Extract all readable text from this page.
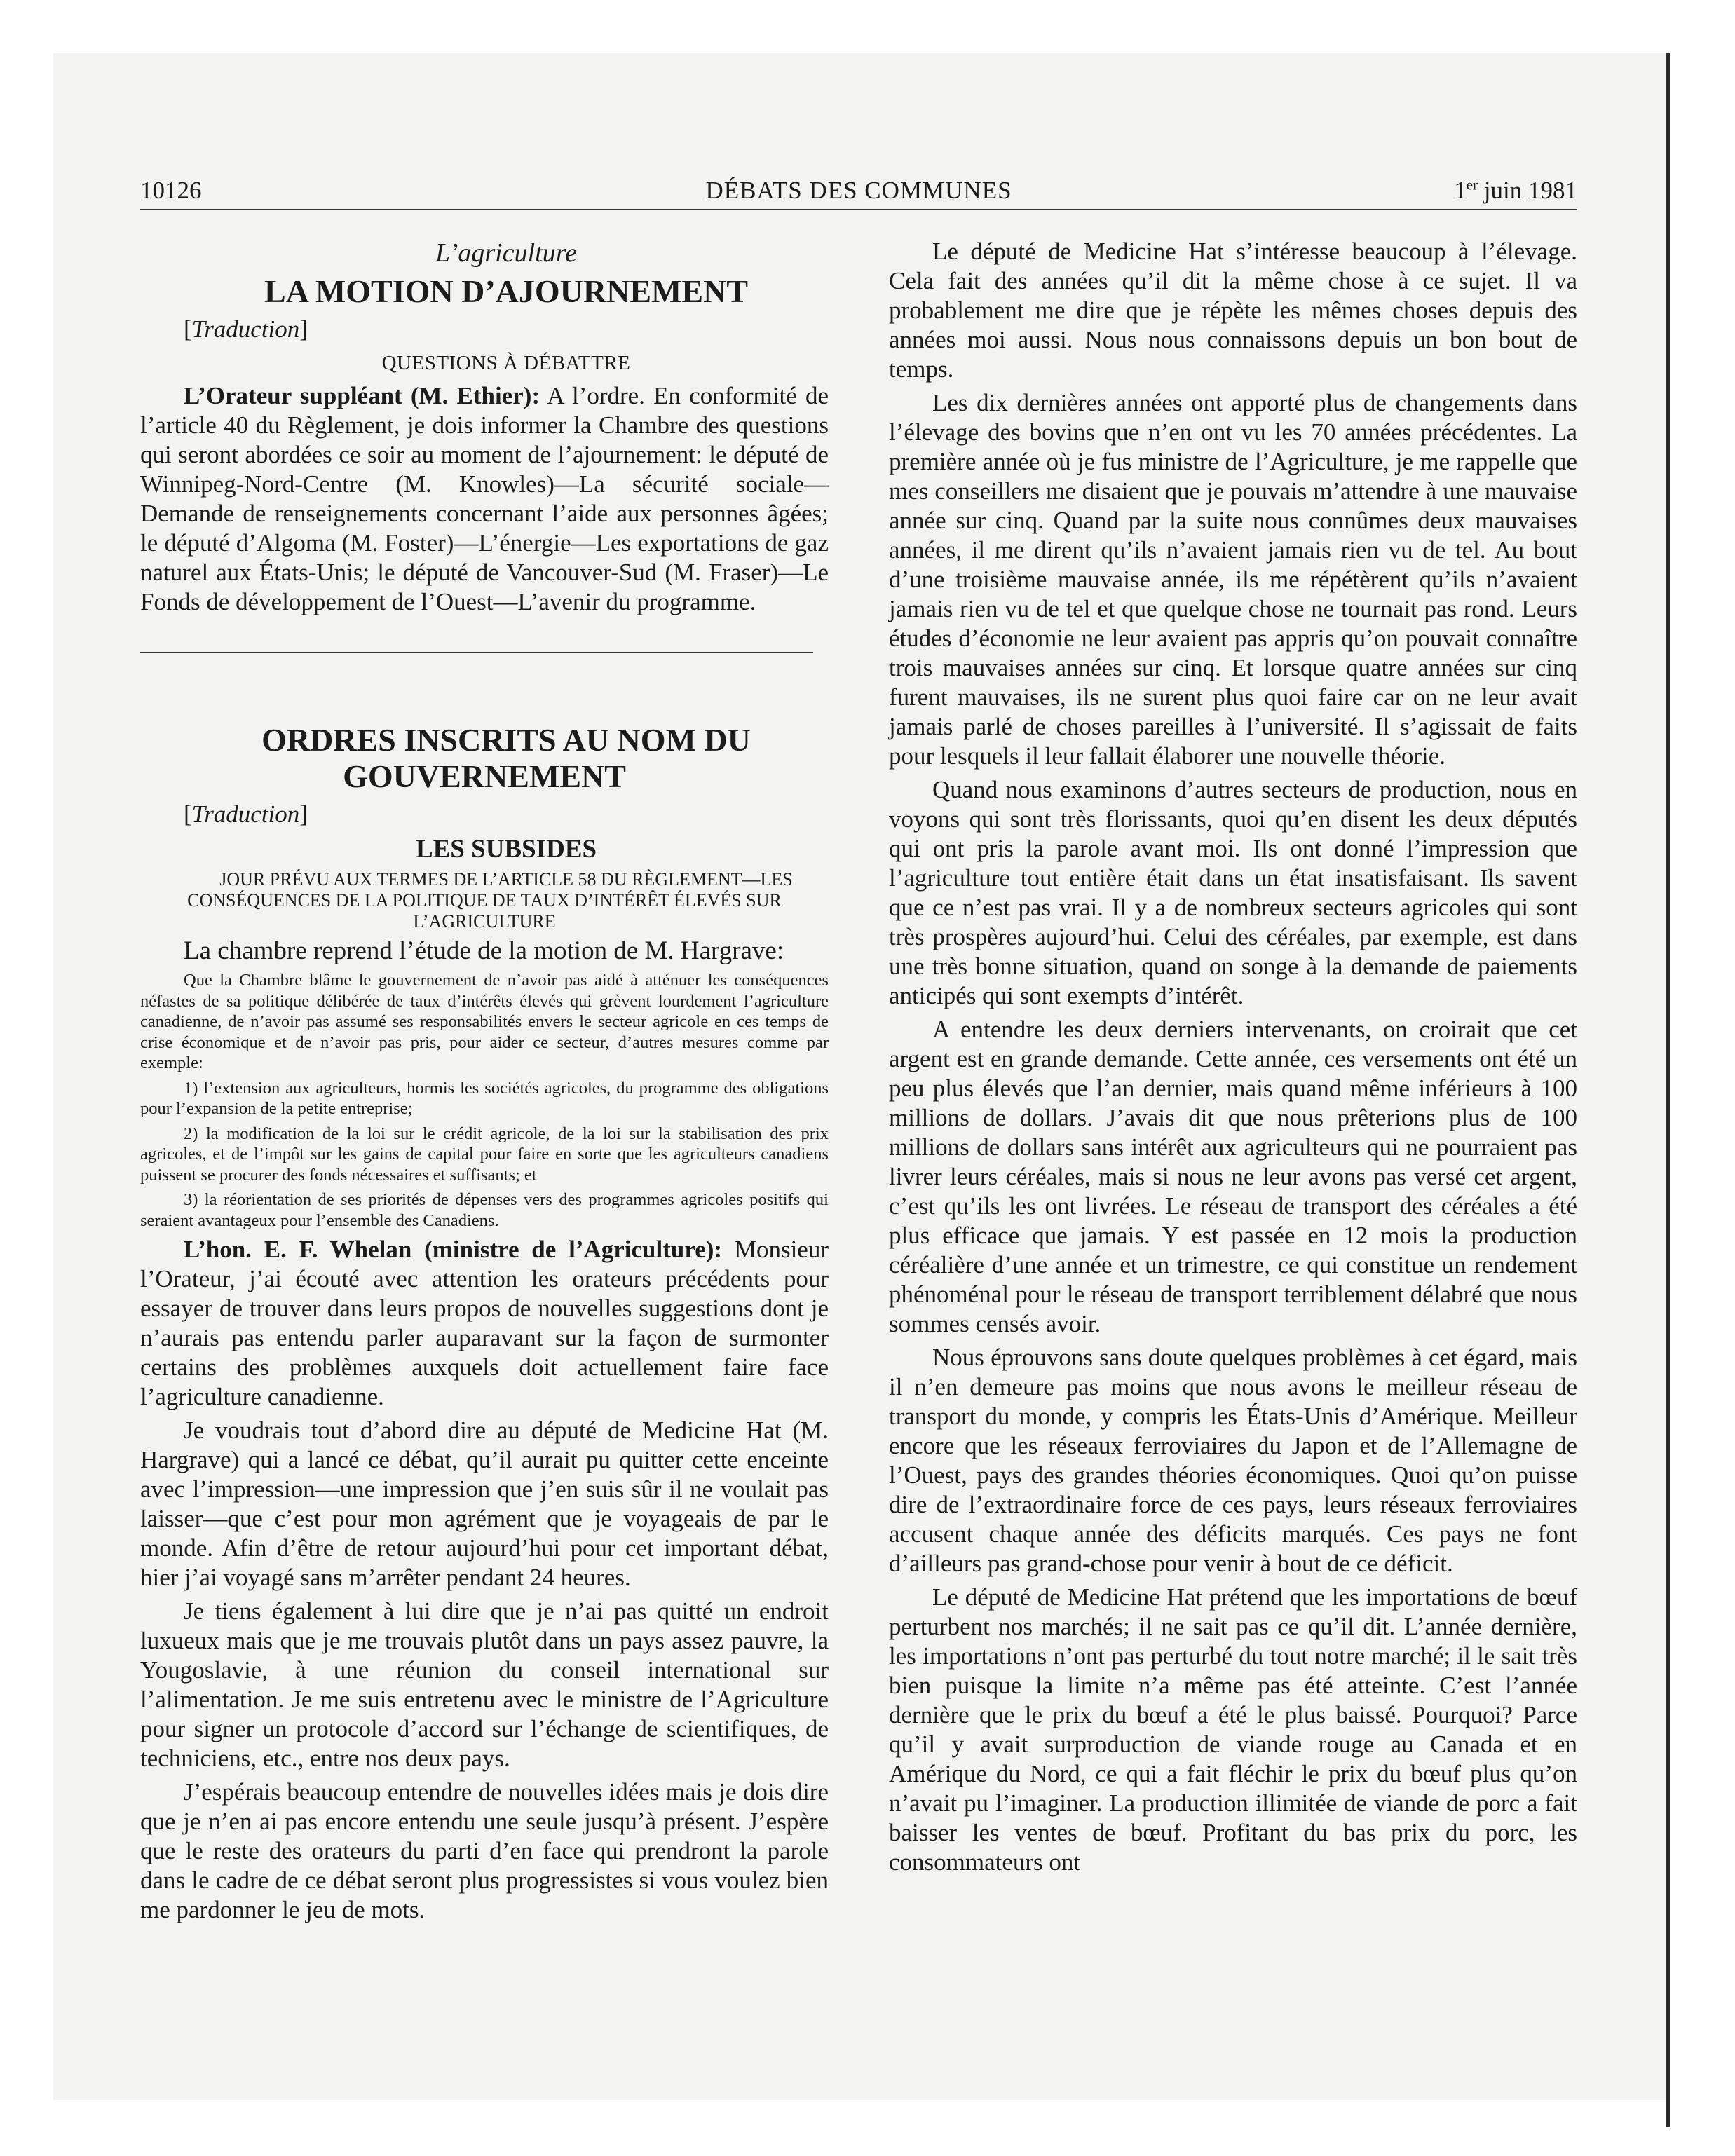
10126	DÉBATS DES COMMUNES	1er juin 1981

L’agriculture

LA MOTION D’AJOURNEMENT

[Traduction]

QUESTIONS À DÉBATTRE

L’Orateur suppléant (M. Ethier): A l’ordre. En conformité de l’article 40 du Règlement, je dois informer la Chambre des questions qui seront abordées ce soir au moment de l’ajournement: le député de Winnipeg-Nord-Centre (M. Knowles)—La sécurité sociale—Demande de renseignements concernant l’aide aux personnes âgées; le député d’Algoma (M. Foster)—L’énergie—Les exportations de gaz naturel aux États-Unis; le député de Vancouver-Sud (M. Fraser)—Le Fonds de développement de l’Ouest—L’avenir du programme.

ORDRES INSCRITS AU NOM DU GOUVERNEMENT

[Traduction]

LES SUBSIDES

JOUR PRÉVU AUX TERMES DE L’ARTICLE 58 DU RÈGLEMENT—LES CONSÉQUENCES DE LA POLITIQUE DE TAUX D’INTÉRÊT ÉLEVÉS SUR L’AGRICULTURE

La chambre reprend l’étude de la motion de M. Hargrave:

Que la Chambre blâme le gouvernement de n’avoir pas aidé à atténuer les conséquences néfastes de sa politique délibérée de taux d’intérêts élevés qui grèvent lourdement l’agriculture canadienne, de n’avoir pas assumé ses responsabilités envers le secteur agricole en ces temps de crise économique et de n’avoir pas pris, pour aider ce secteur, d’autres mesures comme par exemple:

1) l’extension aux agriculteurs, hormis les sociétés agricoles, du programme des obligations pour l’expansion de la petite entreprise;

2) la modification de la loi sur le crédit agricole, de la loi sur la stabilisation des prix agricoles, et de l’impôt sur les gains de capital pour faire en sorte que les agriculteurs canadiens puissent se procurer des fonds nécessaires et suffisants; et

3) la réorientation de ses priorités de dépenses vers des programmes agricoles positifs qui seraient avantageux pour l’ensemble des Canadiens.

L’hon. E. F. Whelan (ministre de l’Agriculture): Monsieur l’Orateur, j’ai écouté avec attention les orateurs précédents pour essayer de trouver dans leurs propos de nouvelles suggestions dont je n’aurais pas entendu parler auparavant sur la façon de surmonter certains des problèmes auxquels doit actuellement faire face l’agriculture canadienne.

Je voudrais tout d’abord dire au député de Medicine Hat (M. Hargrave) qui a lancé ce débat, qu’il aurait pu quitter cette enceinte avec l’impression—une impression que j’en suis sûr il ne voulait pas laisser—que c’est pour mon agrément que je voyageais de par le monde. Afin d’être de retour aujourd’hui pour cet important débat, hier j’ai voyagé sans m’arrêter pendant 24 heures.

Je tiens également à lui dire que je n’ai pas quitté un endroit luxueux mais que je me trouvais plutôt dans un pays assez pauvre, la Yougoslavie, à une réunion du conseil international sur l’alimentation. Je me suis entretenu avec le ministre de l’Agriculture pour signer un protocole d’accord sur l’échange de scientifiques, de techniciens, etc., entre nos deux pays.

J’espérais beaucoup entendre de nouvelles idées mais je dois dire que je n’en ai pas encore entendu une seule jusqu’à présent. J’espère que le reste des orateurs du parti d’en face qui prendront la parole dans le cadre de ce débat seront plus progressistes si vous voulez bien me pardonner le jeu de mots.

Le député de Medicine Hat s’intéresse beaucoup à l’élevage. Cela fait des années qu’il dit la même chose à ce sujet. Il va probablement me dire que je répète les mêmes choses depuis des années moi aussi. Nous nous connaissons depuis un bon bout de temps.

Les dix dernières années ont apporté plus de changements dans l’élevage des bovins que n’en ont vu les 70 années précédentes. La première année où je fus ministre de l’Agriculture, je me rappelle que mes conseillers me disaient que je pouvais m’attendre à une mauvaise année sur cinq. Quand par la suite nous connûmes deux mauvaises années, il me dirent qu’ils n’avaient jamais rien vu de tel. Au bout d’une troisième mauvaise année, ils me répétèrent qu’ils n’avaient jamais rien vu de tel et que quelque chose ne tournait pas rond. Leurs études d’économie ne leur avaient pas appris qu’on pouvait connaître trois mauvaises années sur cinq. Et lorsque quatre années sur cinq furent mauvaises, ils ne surent plus quoi faire car on ne leur avait jamais parlé de choses pareilles à l’université. Il s’agissait de faits pour lesquels il leur fallait élaborer une nouvelle théorie.

Quand nous examinons d’autres secteurs de production, nous en voyons qui sont très florissants, quoi qu’en disent les deux députés qui ont pris la parole avant moi. Ils ont donné l’impression que l’agriculture tout entière était dans un état insatisfaisant. Ils savent que ce n’est pas vrai. Il y a de nombreux secteurs agricoles qui sont très prospères aujourd’hui. Celui des céréales, par exemple, est dans une très bonne situation, quand on songe à la demande de paiements anticipés qui sont exempts d’intérêt.

A entendre les deux derniers intervenants, on croirait que cet argent est en grande demande. Cette année, ces versements ont été un peu plus élevés que l’an dernier, mais quand même inférieurs à 100 millions de dollars. J’avais dit que nous prêterions plus de 100 millions de dollars sans intérêt aux agriculteurs qui ne pourraient pas livrer leurs céréales, mais si nous ne leur avons pas versé cet argent, c’est qu’ils les ont livrées. Le réseau de transport des céréales a été plus efficace que jamais. Y est passée en 12 mois la production céréalière d’une année et un trimestre, ce qui constitue un rendement phénoménal pour le réseau de transport terriblement délabré que nous sommes censés avoir.

Nous éprouvons sans doute quelques problèmes à cet égard, mais il n’en demeure pas moins que nous avons le meilleur réseau de transport du monde, y compris les États-Unis d’Amérique. Meilleur encore que les réseaux ferroviaires du Japon et de l’Allemagne de l’Ouest, pays des grandes théories économiques. Quoi qu’on puisse dire de l’extraordinaire force de ces pays, leurs réseaux ferroviaires accusent chaque année des déficits marqués. Ces pays ne font d’ailleurs pas grand-chose pour venir à bout de ce déficit.

Le député de Medicine Hat prétend que les importations de bœuf perturbent nos marchés; il ne sait pas ce qu’il dit. L’année dernière, les importations n’ont pas perturbé du tout notre marché; il le sait très bien puisque la limite n’a même pas été atteinte. C’est l’année dernière que le prix du bœuf a été le plus baissé. Pourquoi? Parce qu’il y avait surproduction de viande rouge au Canada et en Amérique du Nord, ce qui a fait fléchir le prix du bœuf plus qu’on n’avait pu l’imaginer. La production illimitée de viande de porc a fait baisser les ventes de bœuf. Profitant du bas prix du porc, les consommateurs ont
